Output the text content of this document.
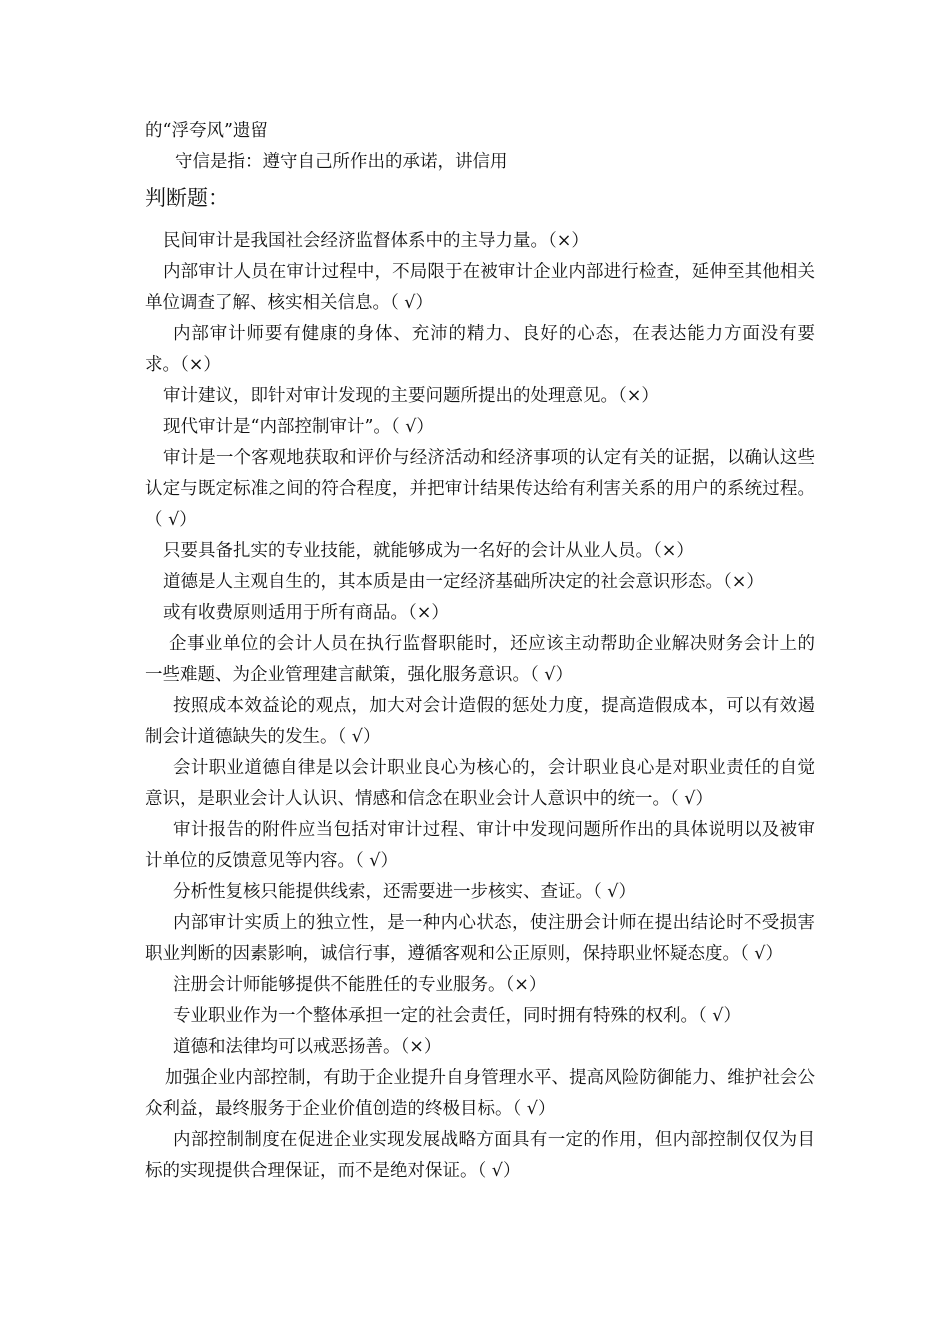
的“浮夸风”遗留
守信是指：遵守自己所作出的承诺，讲信用
判断题：
民间审计是我国社会经济监督体系中的主导力量。（×）
内部审计人员在审计过程中，不局限于在被审计企业内部进行检查，延伸至其他相关单位调查了解、核实相关信息。（ √）
内部审计师要有健康的身体、充沛的精力、良好的心态，在表达能力方面没有要求。（×）
审计建议，即针对审计发现的主要问题所提出的处理意见。（×）
现代审计是“内部控制审计”。（ √）
审计是一个客观地获取和评价与经济活动和经济事项的认定有关的证据，以确认这些认定与既定标准之间的符合程度，并把审计结果传达给有利害关系的用户的系统过程。（ √）
只要具备扎实的专业技能，就能够成为一名好的会计从业人员。（×）
道德是人主观自生的，其本质是由一定经济基础所决定的社会意识形态。（×）
或有收费原则适用于所有商品。（×）
企事业单位的会计人员在执行监督职能时，还应该主动帮助企业解决财务会计上的一些难题、为企业管理建言献策，强化服务意识。（ √）
按照成本效益论的观点，加大对会计造假的惩处力度，提高造假成本，可以有效遏制会计道德缺失的发生。（ √）
会计职业道德自律是以会计职业良心为核心的，会计职业良心是对职业责任的自觉意识，是职业会计人认识、情感和信念在职业会计人意识中的统一。（ √）
审计报告的附件应当包括对审计过程、审计中发现问题所作出的具体说明以及被审计单位的反馈意见等内容。（ √）
分析性复核只能提供线索，还需要进一步核实、查证。（ √）
内部审计实质上的独立性，是一种内心状态，使注册会计师在提出结论时不受损害职业判断的因素影响，诚信行事，遵循客观和公正原则，保持职业怀疑态度。（ √）
注册会计师能够提供不能胜任的专业服务。（×）
专业职业作为一个整体承担一定的社会责任，同时拥有特殊的权利。（ √）
道德和法律均可以戒恶扬善。（×）
加强企业内部控制，有助于企业提升自身管理水平、提高风险防御能力、维护社会公众利益，最终服务于企业价值创造的终极目标。（ √）
内部控制制度在促进企业实现发展战略方面具有一定的作用，但内部控制仅仅为目标的实现提供合理保证，而不是绝对保证。（ √）
